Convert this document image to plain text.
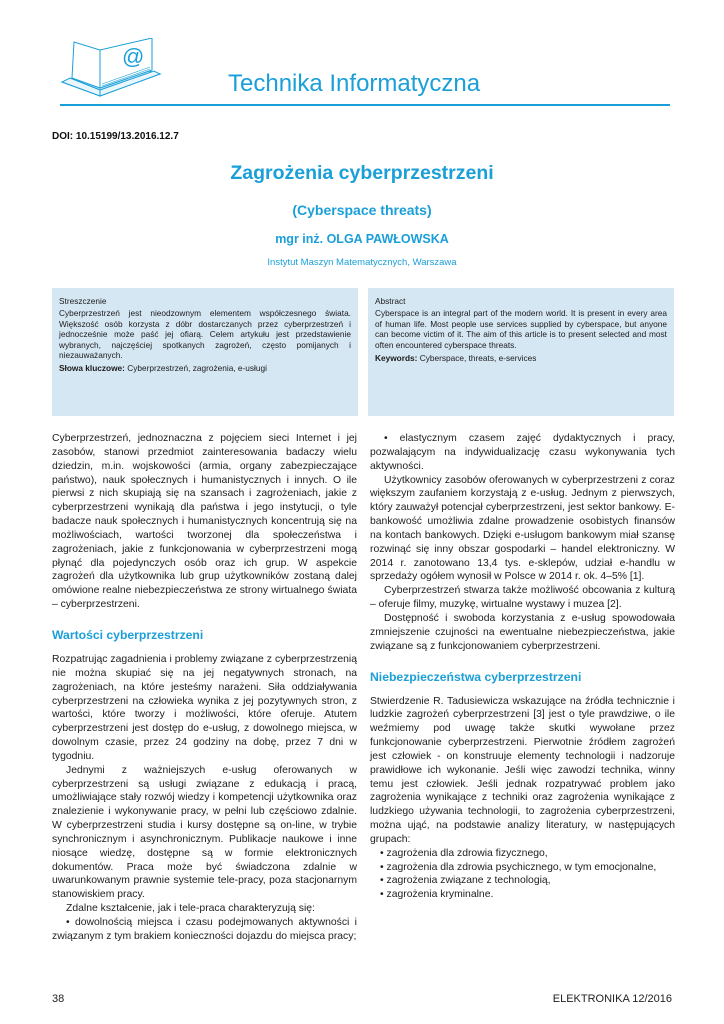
@
Technika Informatyczna
DOI: 10.15199/13.2016.12.7
Zagrożenia cyberprzestrzeni
(Cyberspace threats)
mgr inż. OLGA PAWŁOWSKA
Instytut Maszyn Matematycznych, Warszawa
Streszczenie
Cyberprzestrzeń jest nieodzownym elementem współczesnego świata. Większość osób korzysta z dóbr dostarczanych przez cyberprzestrzeń i jednocześnie może paść jej ofiarą. Celem artykułu jest przedstawienie wybranych, najczęściej spotkanych zagrożeń, często pomijanych i niezauważanych.
Słowa kluczowe: Cyberprzestrzeń, zagrożenia, e-usługi
Abstract
Cyberspace is an integral part of the modern world. It is present in every area of human life. Most people use services supplied by cyberspace, but anyone can become victim of it. The aim of this article is to present selected and most often encountered cyberspace threats.
Keywords: Cyberspace, threats, e-services

Cyberprzestrzeń, jednoznaczna z pojęciem sieci Internet i jej zasobów, stanowi przedmiot zainteresowania badaczy wielu dziedzin, m.in. wojskowości (armia, organy zabezpieczające państwo), nauk społecznych i humanistycznych i innych. O ile pierwsi z nich skupiają się na szansach i zagrożeniach, jakie z cyberprzestrzeni wynikają dla państwa i jego instytucji, o tyle badacze nauk społecznych i humanistycznych koncentrują się na możliwościach, wartości tworzonej dla społeczeństwa i zagrożeniach, jakie z funkcjonowania w cyberprzestrzeni mogą płynąć dla pojedynczych osób oraz ich grup. W aspekcie zagrożeń dla użytkownika lub grup użytkowników zostaną dalej omówione realne niebezpieczeństwa ze strony wirtualnego świata – cyberprzestrzeni.

Wartości cyberprzestrzeni

Rozpatrując zagadnienia i problemy związane z cyberprzestrzenią nie można skupiać się na jej negatywnych stronach, na zagrożeniach, na które jesteśmy narażeni. Siła oddziaływania cyberprzestrzeni na człowieka wynika z jej pozytywnych stron, z wartości, które tworzy i możliwości, które oferuje. Atutem cyberprzestrzeni jest dostęp do e-usług, z dowolnego miejsca, w dowolnym czasie, przez 24 godziny na dobę, przez 7 dni w tygodniu.

Jednymi z ważniejszych e-usług oferowanych w cyberprzestrzeni są usługi związane z edukacją i pracą, umożliwiające stały rozwój wiedzy i kompetencji użytkownika oraz znalezienie i wykonywanie pracy, w pełni lub częściowo zdalnie. W cyberprzestrzeni studia i kursy dostępne są on-line, w trybie synchronicznym i asynchronicznym. Publikacje naukowe i inne niosące wiedzę, dostępne są w formie elektronicznych dokumentów. Praca może być świadczona zdalnie w uwarunkowanym prawnie systemie tele-pracy, poza stacjonarnym stanowiskiem pracy.

Zdalne kształcenie, jak i tele-praca charakteryzują się:

• dowolnością miejsca i czasu podejmowanych aktywności i związanym z tym brakiem konieczności dojazdu do miejsca pracy;

• elastycznym czasem zajęć dydaktycznych i pracy, pozwalającym na indywidualizację czasu wykonywania tych aktywności.

Użytkownicy zasobów oferowanych w cyberprzestrzeni z coraz większym zaufaniem korzystają z e-usług. Jednym z pierwszych, który zauważył potencjał cyberprzestrzeni, jest sektor bankowy. E-bankowość umożliwia zdalne prowadzenie osobistych finansów na kontach bankowych. Dzięki e-usługom bankowym miał szansę rozwinąć się inny obszar gospodarki – handel elektroniczny. W 2014 r. zanotowano 13,4 tys. e-sklepów, udział e-handlu w sprzedaży ogółem wynosił w Polsce w 2014 r. ok. 4–5% [1].

Cyberprzestrzeń stwarza także możliwość obcowania z kulturą – oferuje filmy, muzykę, wirtualne wystawy i muzea [2].

Dostępność i swoboda korzystania z e-usług spowodowała zmniejszenie czujności na ewentualne niebezpieczeństwa, jakie związane są z funkcjonowaniem cyberprzestrzeni.

Niebezpieczeństwa cyberprzestrzeni

Stwierdzenie R. Tadusiewicza wskazujące na źródła technicznie i ludzkie zagrożeń cyberprzestrzeni [3] jest o tyle prawdziwe, o ile weźmiemy pod uwagę także skutki wywołane przez funkcjonowanie cyberprzestrzeni. Pierwotnie źródłem zagrożeń jest człowiek - on konstruuje elementy technologii i nadzoruje prawidłowe ich wykonanie. Jeśli więc zawodzi technika, winny temu jest człowiek. Jeśli jednak rozpatrywać problem jako zagrożenia wynikające z techniki oraz zagrożenia wynikające z ludzkiego używania technologii, to zagrożenia cyberprzestrzeni, można ująć, na podstawie analizy literatury, w następujących grupach:

• zagrożenia dla zdrowia fizycznego,

• zagrożenia dla zdrowia psychicznego, w tym emocjonalne,

• zagrożenia związane z technologią,

• zagrożenia kryminalne.

38	ELEKTRONIKA 12/2016
